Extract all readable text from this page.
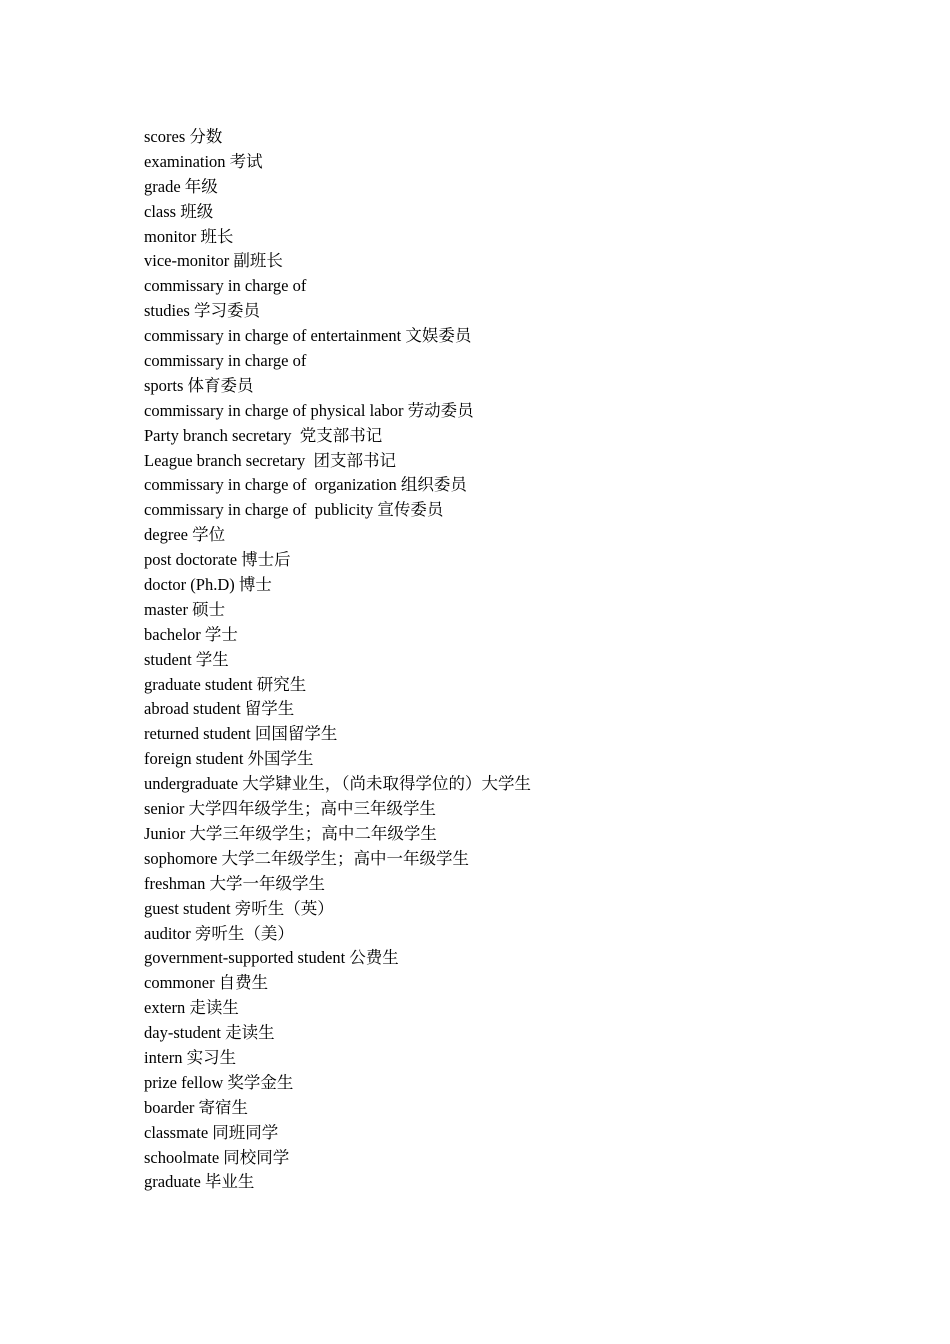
scores 分数
examination 考试
grade 年级
class 班级
monitor 班长
vice-monitor 副班长
commissary in charge of
studies 学习委员
commissary in charge of entertainment 文娱委员
commissary in charge of
sports 体育委员
commissary in charge of physical labor 劳动委员
Party branch secretary  党支部书记
League branch secretary  团支部书记
commissary in charge of  organization 组织委员
commissary in charge of  publicity 宣传委员
degree 学位
post doctorate 博士后
doctor (Ph.D) 博士
master 硕士
bachelor 学士
student 学生
graduate student 研究生
abroad student 留学生
returned student 回国留学生
foreign student 外国学生
undergraduate 大学肄业生，（尚未取得学位的）大学生
senior 大学四年级学生；高中三年级学生
Junior 大学三年级学生；高中二年级学生
sophomore 大学二年级学生；高中一年级学生
freshman 大学一年级学生
guest student 旁听生（英）
auditor 旁听生（美）
government-supported student 公费生
commoner 自费生
extern 走读生
day-student 走读生
intern 实习生
prize fellow 奖学金生
boarder 寄宿生
classmate 同班同学
schoolmate 同校同学
graduate 毕业生
